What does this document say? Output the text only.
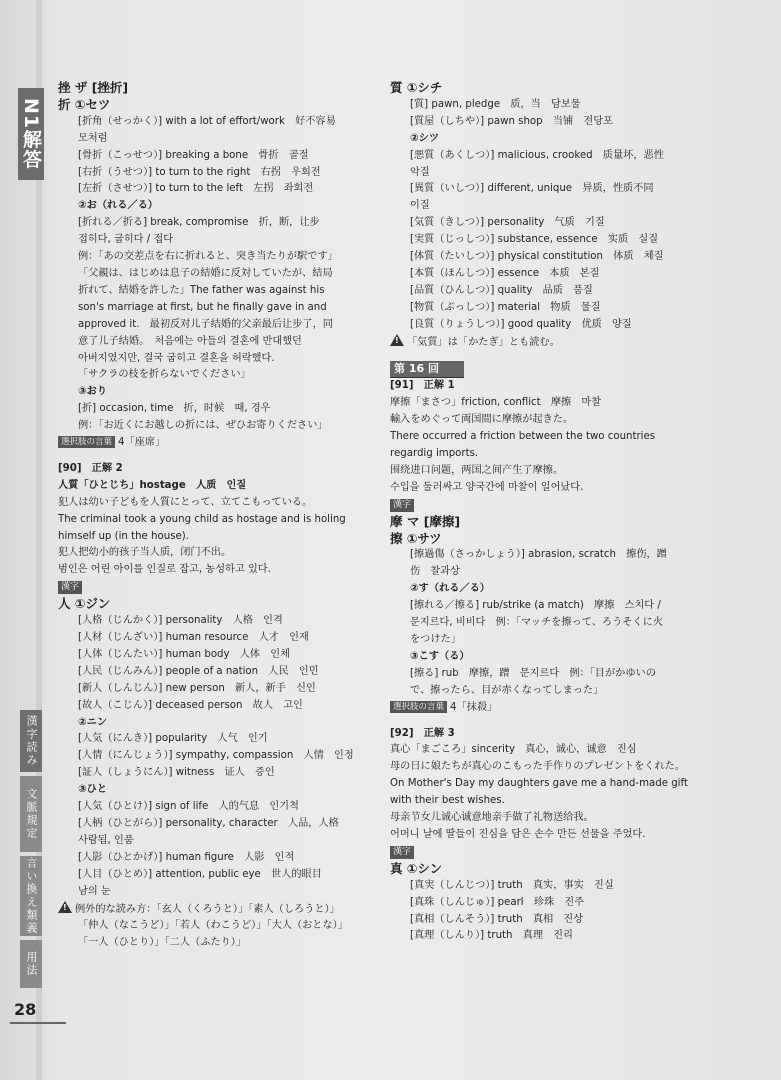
N1解答
漢字読み
文脈規定
言い換え類義
用法
28
挫 ザ [挫折]
折 ①セツ
[折角（せっかく）] with a lot of effort/work　好不容易
모처럼
[骨折（こっせつ）] breaking a bone　骨折　골절
[右折（うせつ）] to turn to the right　右拐　우회전
[左折（させつ）] to turn to the left　左拐　좌회전
②お（れる／る）
[折れる／折る] break, compromise　折，断，让步
접히다, 굽히다 / 접다
例：「あの交差点を右に折れると、突き当たりが駅です」
「父親は、はじめは息子の結婚に反対していたが、結局
折れて、結婚を許した」The father was against his
son's marriage at first, but he finally gave in and
approved it.　最初反对儿子结婚的父亲最后让步了，同
意了儿子结婚。　처음에는 아들의 결혼에 반대했던
아버지였지만, 결국 굽히고 결혼을 허락했다.
「サクラの枝を折らないでください」
③おり
[折] occasion, time　折，时候　때, 경우
例：「お近くにお越しの折には、ぜひお寄りください」
選択肢の言葉 4「座席」
[90]　正解 2
人質「ひとじち」hostage　人质　인질
犯人は幼い子どもを人質にとって、立てこもっている。
The criminal took a young child as hostage and is holing
himself up (in the house).
犯人把幼小的孩子当人质，闭门不出。
범인은 어린 아이를 인질로 잡고, 농성하고 있다.
漢字
人 ①ジン
[人格（じんかく）] personality　人格　인격
[人材（じんざい）] human resource　人才　인재
[人体（じんたい）] human body　人体　인체
[人民（じんみん）] people of a nation　人民　인민
[新人（しんじん）] new person　新人，新手　신인
[故人（こじん）] deceased person　故人　고인
②ニン
[人気（にんき）] popularity　人气　인기
[人情（にんじょう）] sympathy, compassion　人情　인정
[証人（しょうにん）] witness　证人　증인
③ひと
[人気（ひとけ）] sign of life　人的气息　인기척
[人柄（ひとがら）] personality, character　人品，人格
사람됨, 인품
[人影（ひとかげ）] human figure　人影　인적
[人目（ひとめ）] attention, public eye　世人的眼目
남의 눈
!例外的な読み方：「玄人（くろうと）」「素人（しろうと）」
「仲人（なこうど）」「若人（わこうど）」「大人（おとな）」
「一人（ひとり）」「二人（ふたり）」
質 ①シチ
[質] pawn, pledge　质，当　담보물
[質屋（しちや）] pawn shop　当铺　전당포
②シツ
[悪質（あくしつ）] malicious, crooked　质量坏，恶性
악질
[異質（いしつ）] different, unique　异质，性质不同
이질
[気質（きしつ）] personality　气质　기질
[実質（じっしつ）] substance, essence　实质　실질
[体質（たいしつ）] physical constitution　体质　체질
[本質（ほんしつ）] essence　本质　본질
[品質（ひんしつ）] quality　品质　품질
[物質（ぶっしつ）] material　物质　물질
[良質（りょうしつ）] good quality　优质　양질
!「気質」は「かたぎ」とも読む。
第 16 回
[91]　正解 1
摩擦「まさつ」friction, conflict　摩擦　마찰
輸入をめぐって両国間に摩擦が起きた。
There occurred a friction between the two countries
regardig imports.
围绕进口问题，两国之间产生了摩擦。
수입을 둘러싸고 양국간에 마찰이 일어났다.
漢字
摩 マ [摩擦]
擦 ①サツ
[擦過傷（さっかしょう）] abrasion, scratch　擦伤，蹭
伤　찰과상
②す（れる／る）
[擦れる／擦る] rub/strike (a match)　摩擦　스치다 /
문지르다, 비비다　例：「マッチを擦って、ろうそくに火
をつけた」
③こす（る）
[擦る] rub　摩擦，蹭　문지르다　例：「目がかゆいの
で、擦ったら、目が赤くなってしまった」
選択肢の言葉 4「抹殺」
[92]　正解 3
真心「まごころ」sincerity　真心，诚心，诚意　진심
母の日に娘たちが真心のこもった手作りのプレゼントをくれた。
On Mother's Day my daughters gave me a hand-made gift
with their best wishes.
母亲节女儿诚心诚意地亲手做了礼物送给我。
어머니 날에 딸들이 진심을 담은 손수 만든 선물을 주었다.
漢字
真 ①シン
[真実（しんじつ）] truth　真实，事实　진실
[真珠（しんじゅ）] pearl　珍珠　진주
[真相（しんそう）] truth　真相　진상
[真理（しんり）] truth　真理　진리
